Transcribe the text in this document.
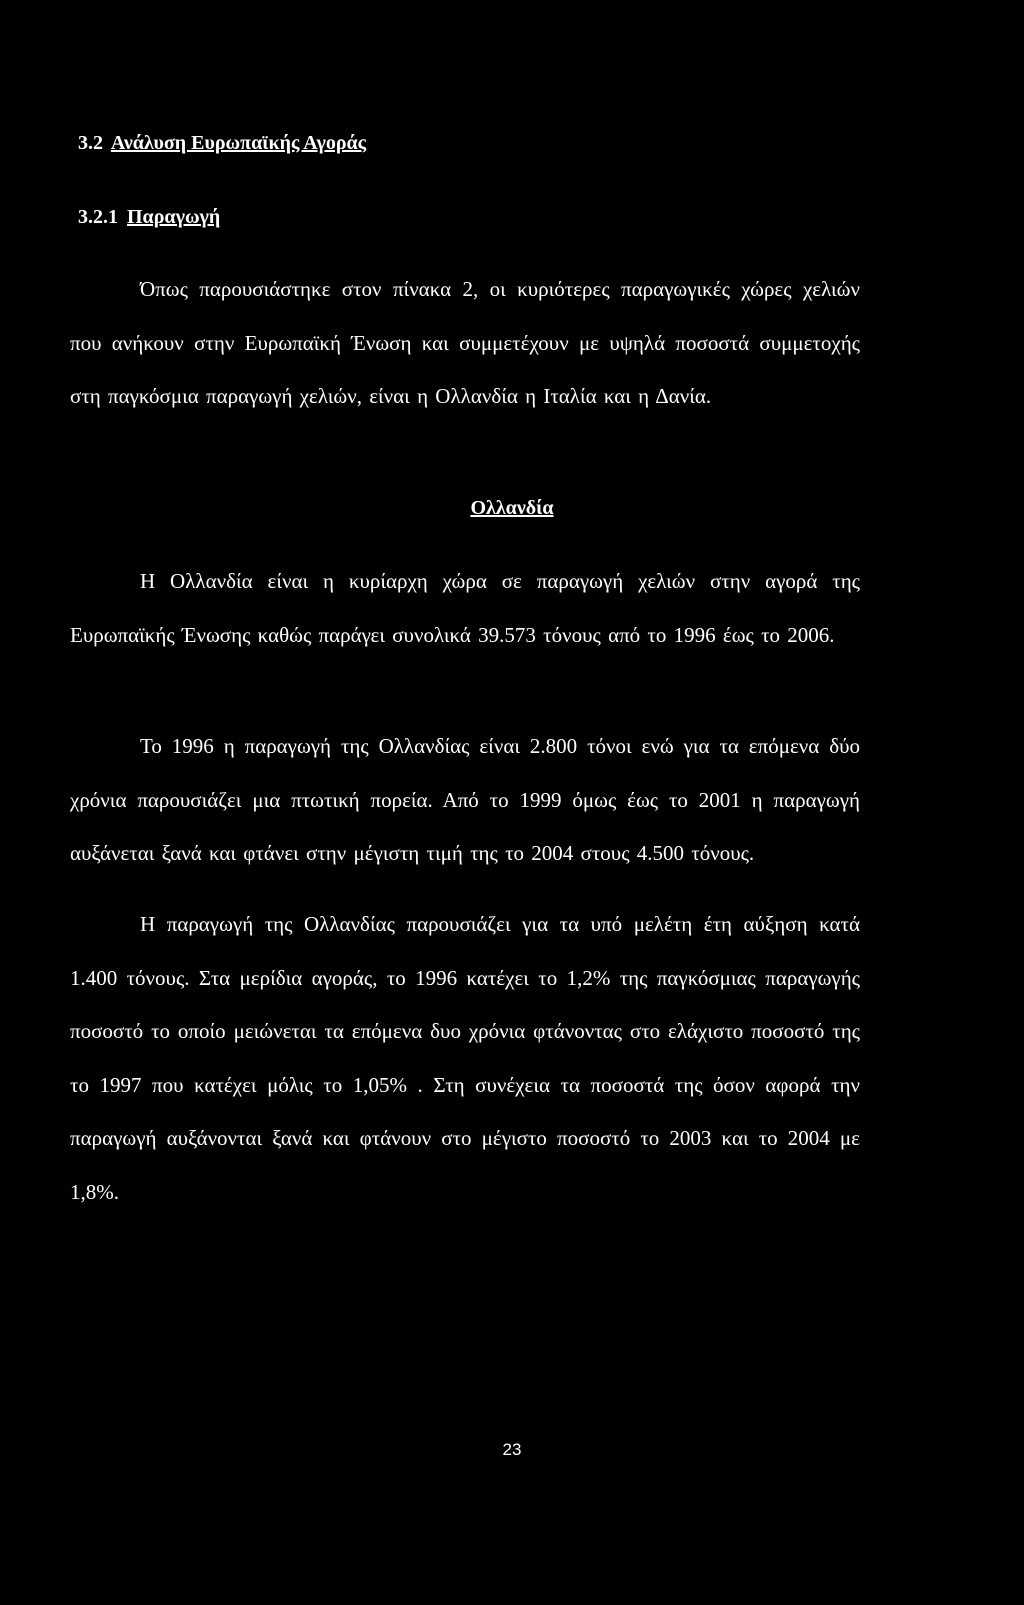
3.2 Ανάλυση Ευρωπαϊκής Αγοράς
3.2.1 Παραγωγή

Όπως παρουσιάστηκε στον πίνακα 2, οι κυριότερες παραγωγικές χώρες χελιών που ανήκουν στην Ευρωπαϊκή Ένωση και συμμετέχουν με υψηλά ποσοστά συμμετοχής στη παγκόσμια παραγωγή χελιών, είναι η Ολλανδία η Ιταλία και η Δανία.

Ολλανδία

Η Ολλανδία είναι η κυρίαρχη χώρα σε παραγωγή χελιών στην αγορά της Ευρωπαϊκής Ένωσης καθώς παράγει συνολικά 39.573 τόνους από το 1996 έως το 2006.

Το 1996 η παραγωγή της Ολλανδίας είναι 2.800 τόνοι ενώ για τα επόμενα δύο χρόνια παρουσιάζει μια πτωτική πορεία. Από το 1999 όμως έως το 2001 η παραγωγή αυξάνεται ξανά και φτάνει στην μέγιστη τιμή της το 2004 στους 4.500 τόνους.

Η παραγωγή της Ολλανδίας παρουσιάζει για τα υπό μελέτη έτη αύξηση κατά 1.400 τόνους. Στα μερίδια αγοράς, το 1996 κατέχει το 1,2% της παγκόσμιας παραγωγής ποσοστό το οποίο μειώνεται τα επόμενα δυο χρόνια φτάνοντας στο ελάχιστο ποσοστό της το 1997 που κατέχει μόλις το 1,05% . Στη συνέχεια τα ποσοστά της όσον αφορά την παραγωγή αυξάνονται ξανά και φτάνουν στο μέγιστο ποσοστό το 2003 και το 2004 με 1,8%.

23
